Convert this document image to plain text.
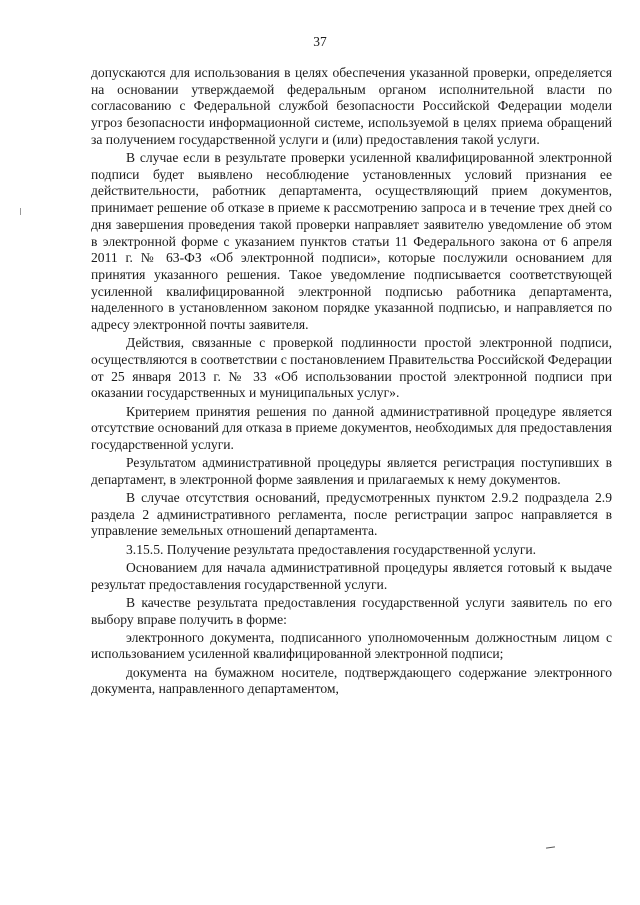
37

допускаются для использования в целях обеспечения указанной проверки, определяется на основании утверждаемой федеральным органом исполнительной власти по согласованию с Федеральной службой безопасности Российской Федерации модели угроз безопасности информационной системе, используемой в целях приема обращений за получением государственной услуги и (или) предоставления такой услуги.

В случае если в результате проверки усиленной квалифицированной электронной подписи будет выявлено несоблюдение установленных условий признания ее действительности, работник департамента, осуществляющий прием документов, принимает решение об отказе в приеме к рассмотрению запроса и в течение трех дней со дня завершения проведения такой проверки направляет заявителю уведомление об этом в электронной форме с указанием пунктов статьи 11 Федерального закона от 6 апреля 2011 г. № 63-ФЗ «Об электронной подписи», которые послужили основанием для принятия указанного решения. Такое уведомление подписывается соответствующей усиленной квалифицированной электронной подписью работника департамента, наделенного в установленном законом порядке указанной подписью, и направляется по адресу электронной почты заявителя.

Действия, связанные с проверкой подлинности простой электронной подписи, осуществляются в соответствии с постановлением Правительства Российской Федерации от 25 января 2013 г. № 33 «Об использовании простой электронной подписи при оказании государственных и муниципальных услуг».

Критерием принятия решения по данной административной процедуре является отсутствие оснований для отказа в приеме документов, необходимых для предоставления государственной услуги.

Результатом административной процедуры является регистрация поступивших в департамент, в электронной форме заявления и прилагаемых к нему документов.

В случае отсутствия оснований, предусмотренных пунктом 2.9.2 подраздела 2.9 раздела 2 административного регламента, после регистрации запрос направляется в управление земельных отношений департамента.

3.15.5. Получение результата предоставления государственной услуги.

Основанием для начала административной процедуры является готовый к выдаче результат предоставления государственной услуги.

В качестве результата предоставления государственной услуги заявитель по его выбору вправе получить в форме:

электронного документа, подписанного уполномоченным должностным лицом с использованием усиленной квалифицированной электронной подписи;

документа на бумажном носителе, подтверждающего содержание электронного документа, направленного департаментом,
